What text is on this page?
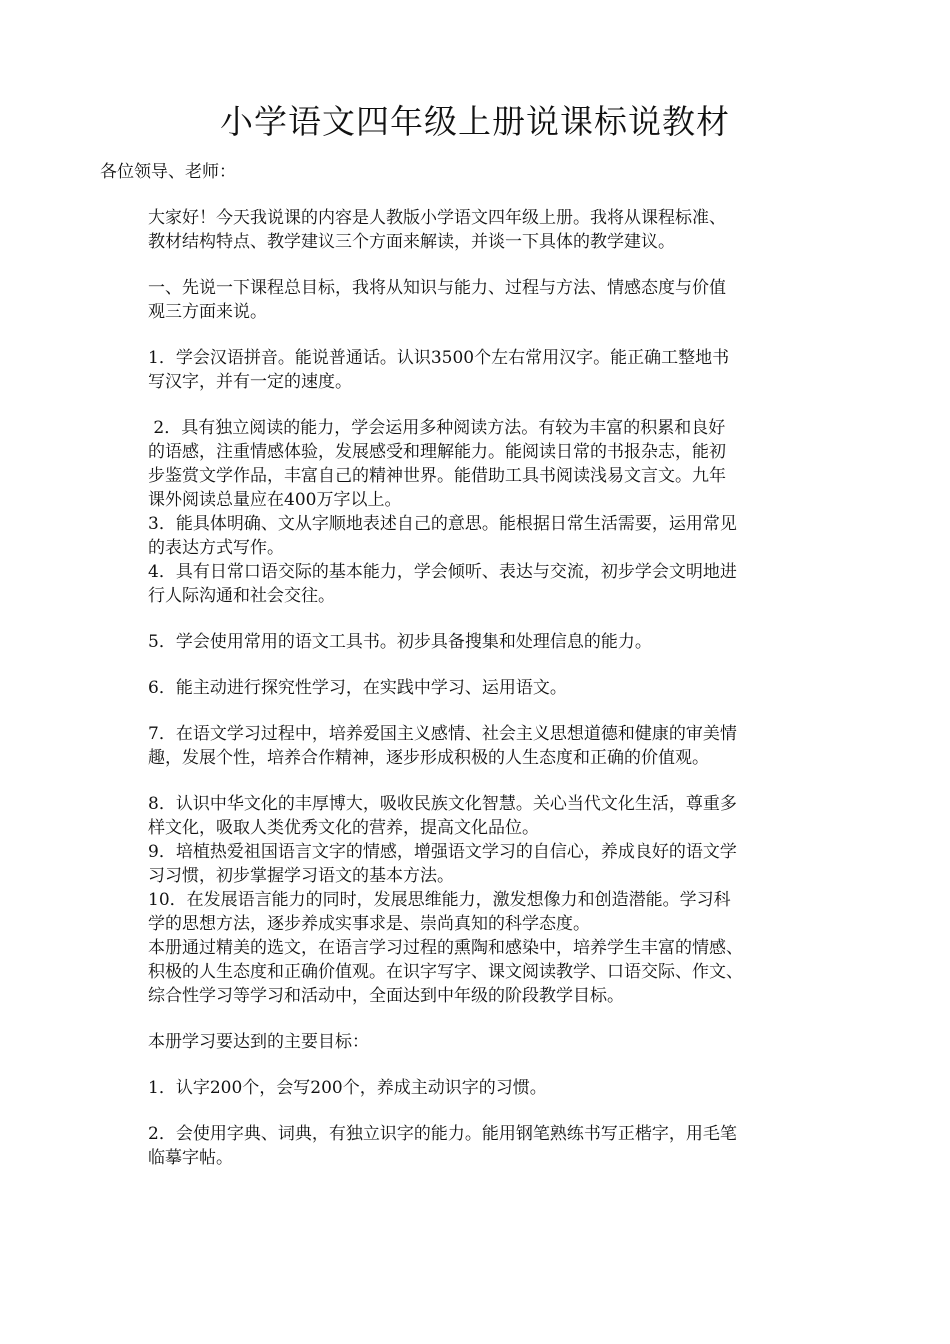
小学语文四年级上册说课标说教材
各位领导、老师：

大家好！今天我说课的内容是人教版小学语文四年级上册。我将从课程标准、
教材结构特点、教学建议三个方面来解读，并谈一下具体的教学建议。

一、先说一下课程总目标，我将从知识与能力、过程与方法、情感态度与价值
观三方面来说。

1．学会汉语拼音。能说普通话。认识3500个左右常用汉字。能正确工整地书
写汉字，并有一定的速度。

2．具有独立阅读的能力，学会运用多种阅读方法。有较为丰富的积累和良好
的语感，注重情感体验，发展感受和理解能力。能阅读日常的书报杂志，能初
步鉴赏文学作品，丰富自己的精神世界。能借助工具书阅读浅易文言文。九年
课外阅读总量应在400万字以上。

3．能具体明确、文从字顺地表述自己的意思。能根据日常生活需要，运用常见
的表达方式写作。

4．具有日常口语交际的基本能力，学会倾听、表达与交流，初步学会文明地进
行人际沟通和社会交往。

5．学会使用常用的语文工具书。初步具备搜集和处理信息的能力。

6．能主动进行探究性学习，在实践中学习、运用语文。

7．在语文学习过程中，培养爱国主义感情、社会主义思想道德和健康的审美情
趣，发展个性，培养合作精神，逐步形成积极的人生态度和正确的价值观。

8．认识中华文化的丰厚博大，吸收民族文化智慧。关心当代文化生活，尊重多
样文化，吸取人类优秀文化的营养，提高文化品位。

9．培植热爱祖国语言文字的情感，增强语文学习的自信心，养成良好的语文学
习习惯，初步掌握学习语文的基本方法。

10．在发展语言能力的同时，发展思维能力，激发想像力和创造潜能。学习科
学的思想方法，逐步养成实事求是、崇尚真知的科学态度。

本册通过精美的选文，在语言学习过程的熏陶和感染中，培养学生丰富的情感、
积极的人生态度和正确价值观。在识字写字、课文阅读教学、口语交际、作文、
综合性学习等学习和活动中，全面达到中年级的阶段教学目标。

本册学习要达到的主要目标：

1．认字200个，会写200个，养成主动识字的习惯。

2．会使用字典、词典，有独立识字的能力。能用钢笔熟练书写正楷字，用毛笔
临摹字帖。
